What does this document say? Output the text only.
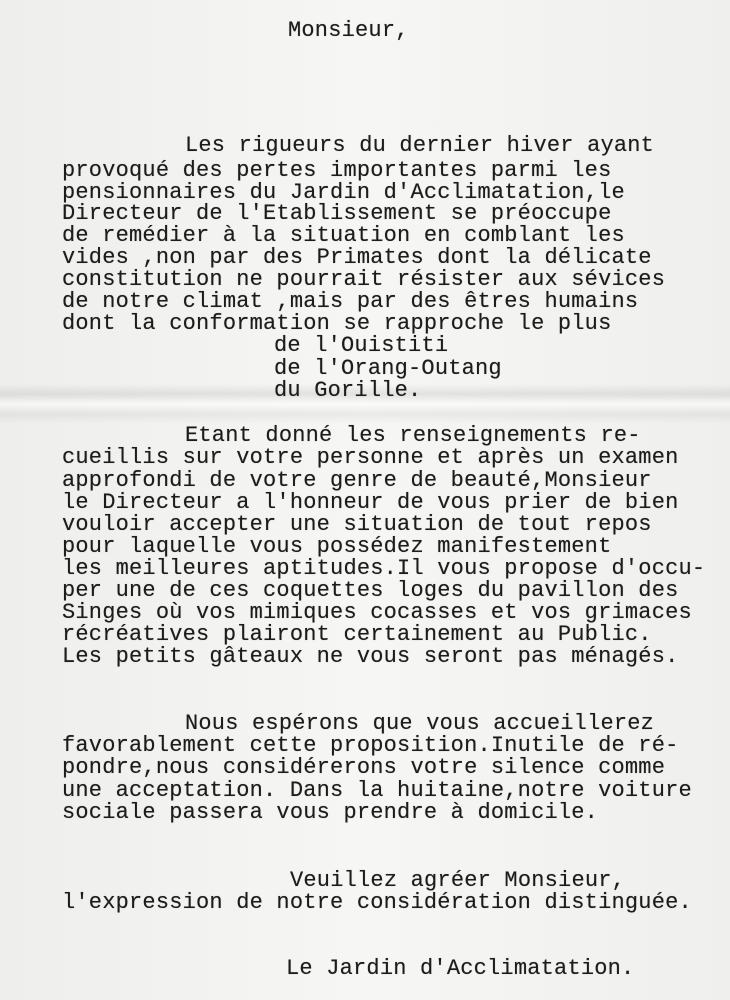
Monsieur,
Les rigueurs du dernier hiver ayant
provoqué des pertes importantes parmi les
pensionnaires du Jardin d'Acclimatation,le
Directeur de l'Etablissement se préoccupe
de remédier à la situation en comblant les
vides ,non par des Primates dont la délicate
constitution ne pourrait résister aux sévices
de notre climat ,mais par des êtres humains
dont la conformation se rapproche le plus
de l'Ouistiti
de l'Orang-Outang
du Gorille.
Etant donné les renseignements re-
cueillis sur votre personne et après un examen
approfondi de votre genre de beauté,Monsieur
le Directeur a l'honneur de vous prier de bien
vouloir accepter une situation de tout repos
pour laquelle vous possédez manifestement
les meilleures aptitudes.Il vous propose d'occu-
per une de ces coquettes loges du pavillon des
Singes où vos mimiques cocasses et vos grimaces
récréatives plairont certainement au Public.
Les petits gâteaux ne vous seront pas ménagés.
Nous espérons que vous accueillerez
favorablement cette proposition.Inutile de ré-
pondre,nous considérerons votre silence comme
une acceptation. Dans la huitaine,notre voiture
sociale passera vous prendre à domicile.
Veuillez agréer Monsieur,
l'expression de notre considération distinguée.
Le Jardin d'Acclimatation.
